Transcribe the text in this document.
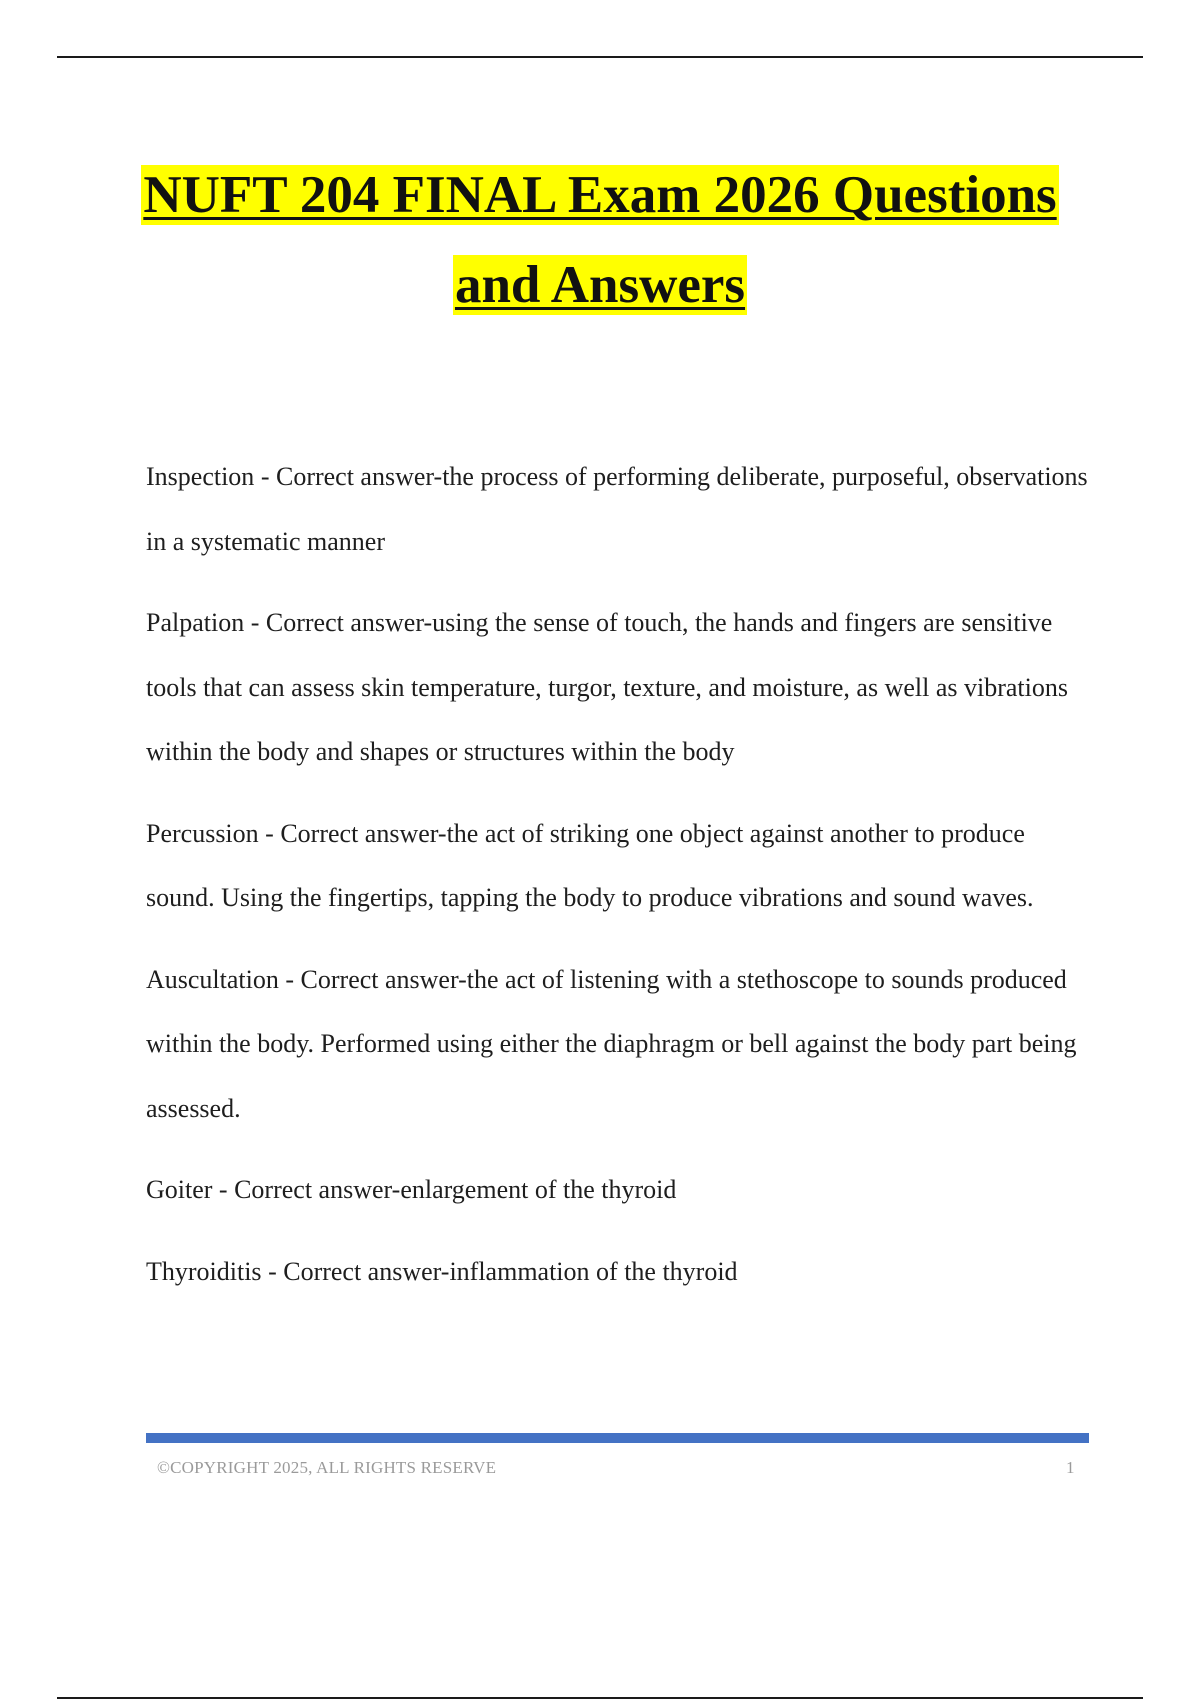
NUFT 204 FINAL Exam 2026 Questions
and Answers

Inspection - Correct answer-the process of performing deliberate, purposeful, observations in a systematic manner

Palpation - Correct answer-using the sense of touch, the hands and fingers are sensitive tools that can assess skin temperature, turgor, texture, and moisture, as well as vibrations within the body and shapes or structures within the body

Percussion - Correct answer-the act of striking one object against another to produce sound. Using the fingertips, tapping the body to produce vibrations and sound waves.

Auscultation - Correct answer-the act of listening with a stethoscope to sounds produced within the body. Performed using either the diaphragm or bell against the body part being assessed.

Goiter - Correct answer-enlargement of the thyroid

Thyroiditis - Correct answer-inflammation of the thyroid

©COPYRIGHT 2025, ALL RIGHTS RESERVE	1
